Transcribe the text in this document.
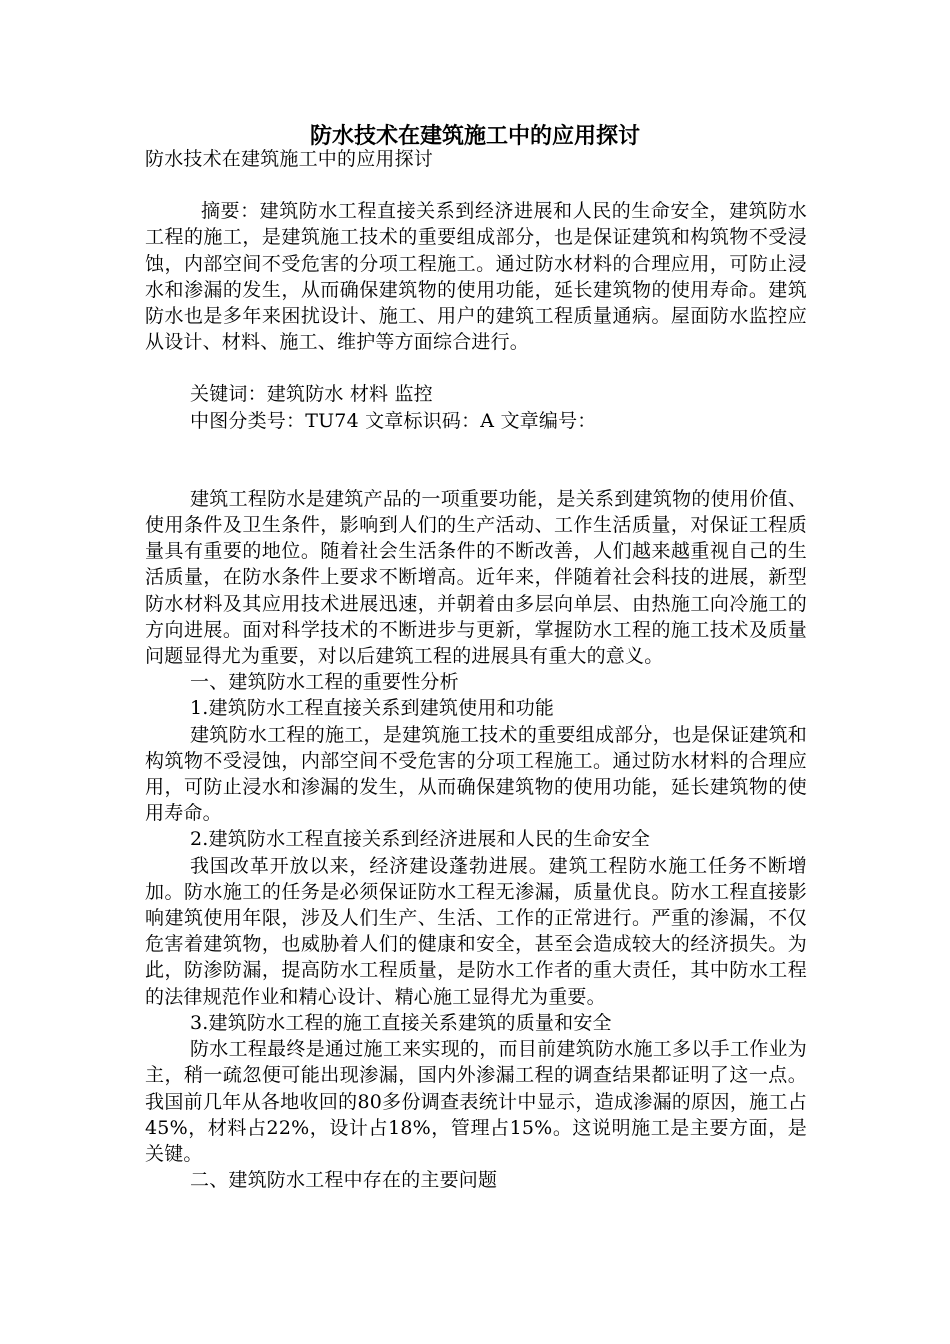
防水技术在建筑施工中的应用探讨

防水技术在建筑施工中的应用探讨

摘要：建筑防水工程直接关系到经济进展和人民的生命安全，建筑防水工程的施工，是建筑施工技术的重要组成部分，也是保证建筑和构筑物不受浸蚀，内部空间不受危害的分项工程施工。通过防水材料的合理应用，可防止浸水和渗漏的发生，从而确保建筑物的使用功能，延长建筑物的使用寿命。建筑防水也是多年来困扰设计、施工、用户的建筑工程质量通病。屋面防水监控应从设计、材料、施工、维护等方面综合进行。

关键词：建筑防水 材料 监控

中图分类号：TU74 文章标识码：A 文章编号：

建筑工程防水是建筑产品的一项重要功能，是关系到建筑物的使用价值、使用条件及卫生条件，影响到人们的生产活动、工作生活质量，对保证工程质量具有重要的地位。随着社会生活条件的不断改善，人们越来越重视自己的生活质量，在防水条件上要求不断增高。近年来，伴随着社会科技的进展，新型防水材料及其应用技术进展迅速，并朝着由多层向单层、由热施工向冷施工的方向进展。面对科学技术的不断进步与更新，掌握防水工程的施工技术及质量问题显得尤为重要，对以后建筑工程的进展具有重大的意义。

一、建筑防水工程的重要性分析

1.建筑防水工程直接关系到建筑使用和功能

建筑防水工程的施工，是建筑施工技术的重要组成部分，也是保证建筑和构筑物不受浸蚀，内部空间不受危害的分项工程施工。通过防水材料的合理应用，可防止浸水和渗漏的发生，从而确保建筑物的使用功能，延长建筑物的使用寿命。

2.建筑防水工程直接关系到经济进展和人民的生命安全

我国改革开放以来，经济建设蓬勃进展。建筑工程防水施工任务不断增加。防水施工的任务是必须保证防水工程无渗漏，质量优良。防水工程直接影响建筑使用年限，涉及人们生产、生活、工作的正常进行。严重的渗漏，不仅危害着建筑物，也威胁着人们的健康和安全，甚至会造成较大的经济损失。为此，防渗防漏，提高防水工程质量，是防水工作者的重大责任，其中防水工程的法律规范作业和精心设计、精心施工显得尤为重要。

3.建筑防水工程的施工直接关系建筑的质量和安全

防水工程最终是通过施工来实现的，而目前建筑防水施工多以手工作业为主，稍一疏忽便可能出现渗漏，国内外渗漏工程的调查结果都证明了这一点。我国前几年从各地收回的80多份调查表统计中显示，造成渗漏的原因，施工占45%，材料占22%，设计占18%，管理占15%。这说明施工是主要方面，是关键。

二、建筑防水工程中存在的主要问题
